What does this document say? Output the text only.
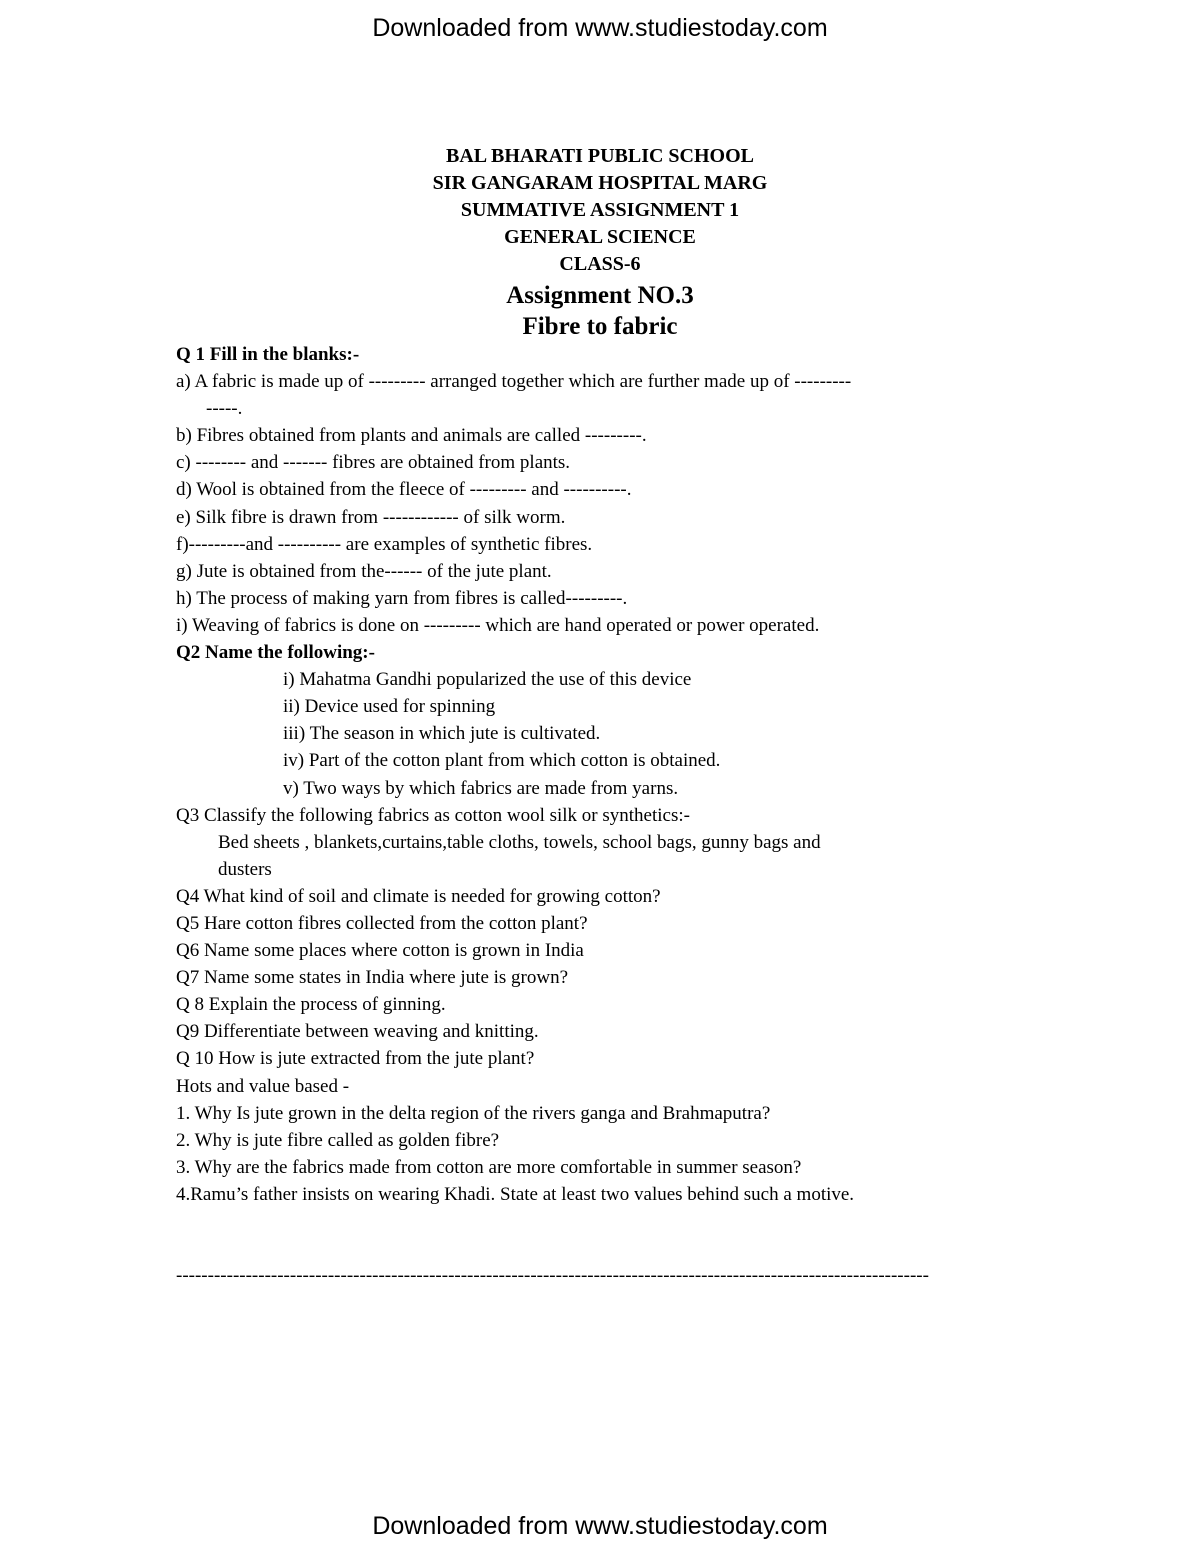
Downloaded from www.studiestoday.com
BAL BHARATI PUBLIC SCHOOL
SIR GANGARAM HOSPITAL MARG
SUMMATIVE ASSIGNMENT 1
GENERAL SCIENCE
CLASS-6
Assignment NO.3
Fibre to fabric
Q 1 Fill in the blanks:-
a) A fabric is made up of --------- arranged together which are further made up of ---------
-----.
b) Fibres obtained from plants and animals are called ---------.
c) -------- and ------- fibres are obtained from plants.
d) Wool is obtained from the fleece of --------- and ----------.
e) Silk fibre is drawn from ------------ of silk worm.
f)---------and ---------- are examples of synthetic fibres.
g) Jute is obtained from the------ of the jute plant.
h) The process of making yarn from fibres is called---------.
i) Weaving of fabrics is done on --------- which are hand operated or power operated.
Q2 Name the following:-
i) Mahatma Gandhi popularized the use of this device
ii) Device used for spinning
iii) The season in which jute is cultivated.
iv) Part of the cotton plant from which cotton is obtained.
v) Two ways by which fabrics are made from yarns.
Q3 Classify the following fabrics as cotton wool silk or synthetics:-
Bed sheets , blankets,curtains,table cloths, towels, school bags, gunny bags and
dusters
Q4 What kind of soil and climate is needed for growing cotton?
Q5 Hare cotton fibres collected from the cotton plant?
Q6 Name some places where cotton is grown in India
Q7 Name some states in India where jute is grown?
Q 8 Explain the process of ginning.
Q9 Differentiate between weaving and knitting.
Q 10 How is jute extracted from the jute plant?
Hots and value based -
1. Why Is jute grown in the delta region of the rivers ganga and Brahmaputra?
2. Why is jute fibre called as golden fibre?
3. Why are the fabrics made from cotton are more comfortable in summer season?
4.Ramu’s father insists on wearing Khadi. State at least two values behind such a motive.
-----------------------------------------------------------------------------------------------------------------------
Downloaded from www.studiestoday.com
